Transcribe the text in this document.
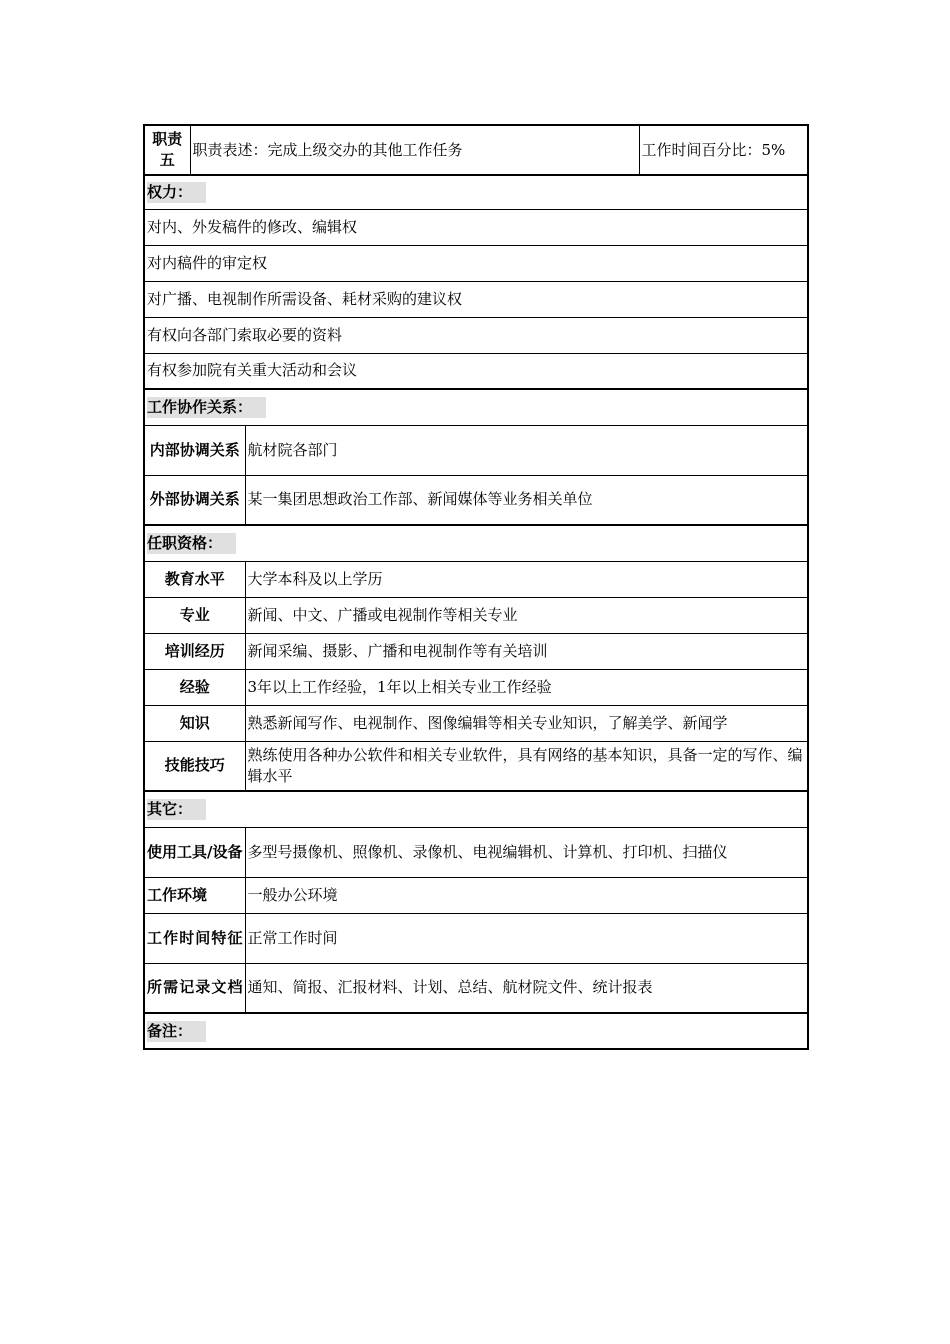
职责五	职责表述：完成上级交办的其他工作任务		工作时间百分比：5%
权力：			
对内、外发稿件的修改、编辑权			
对内稿件的审定权			
对广播、电视制作所需设备、耗材采购的建议权			
有权向各部门索取必要的资料			
有权参加院有关重大活动和会议			
工作协作关系：			
内部协调关系		航材院各部门	
外部协调关系		某一集团思想政治工作部、新闻媒体等业务相关单位	
任职资格：			
教育水平		大学本科及以上学历	
专业		新闻、中文、广播或电视制作等相关专业	
培训经历		新闻采编、摄影、广播和电视制作等有关培训	
经验		3年以上工作经验，1年以上相关专业工作经验	
知识		熟悉新闻写作、电视制作、图像编辑等相关专业知识，了解美学、新闻学	
技能技巧		熟练使用各种办公软件和相关专业软件，具有网络的基本知识，具备一定的写作、编辑水平	
其它：			
使用工具/设备		多型号摄像机、照像机、录像机、电视编辑机、计算机、打印机、扫描仪	
工作环境		一般办公环境	
工作时间特征		正常工作时间	
所需记录文档		通知、简报、汇报材料、计划、总结、航材院文件、统计报表	
备注：			
